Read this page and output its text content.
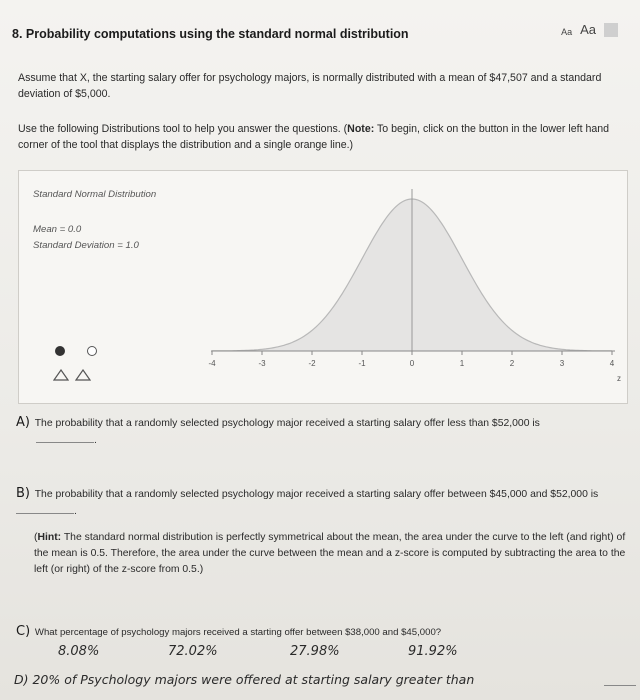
8. Probability computations using the standard normal distribution	Aa Aa
Assume that X, the starting salary offer for psychology majors, is normally distributed with a mean of $47,507 and a standard deviation of $5,000.
Use the following Distributions tool to help you answer the questions. (Note: To begin, click on the button in the lower left hand corner of the tool that displays the distribution and a single orange line.)
Standard Normal Distribution
Mean = 0.0
Standard Deviation = 1.0
-4	-3	-2	-1	0	1	2	3	4
z
A) The probability that a randomly selected psychology major received a starting salary offer less than $52,000 is
.
B) The probability that a randomly selected psychology major received a starting salary offer between $45,000 and $52,000 is .
(Hint: The standard normal distribution is perfectly symmetrical about the mean, the area under the curve to the left (and right) of the mean is 0.5. Therefore, the area under the curve between the mean and a z-score is computed by subtracting the area to the left (or right) of the z-score from 0.5.)
C) What percentage of psychology majors received a starting offer between $38,000 and $45,000?
8.08%	72.02%	27.98%	91.92%
D) 20% of Psychology majors were offered at starting salary greater than
